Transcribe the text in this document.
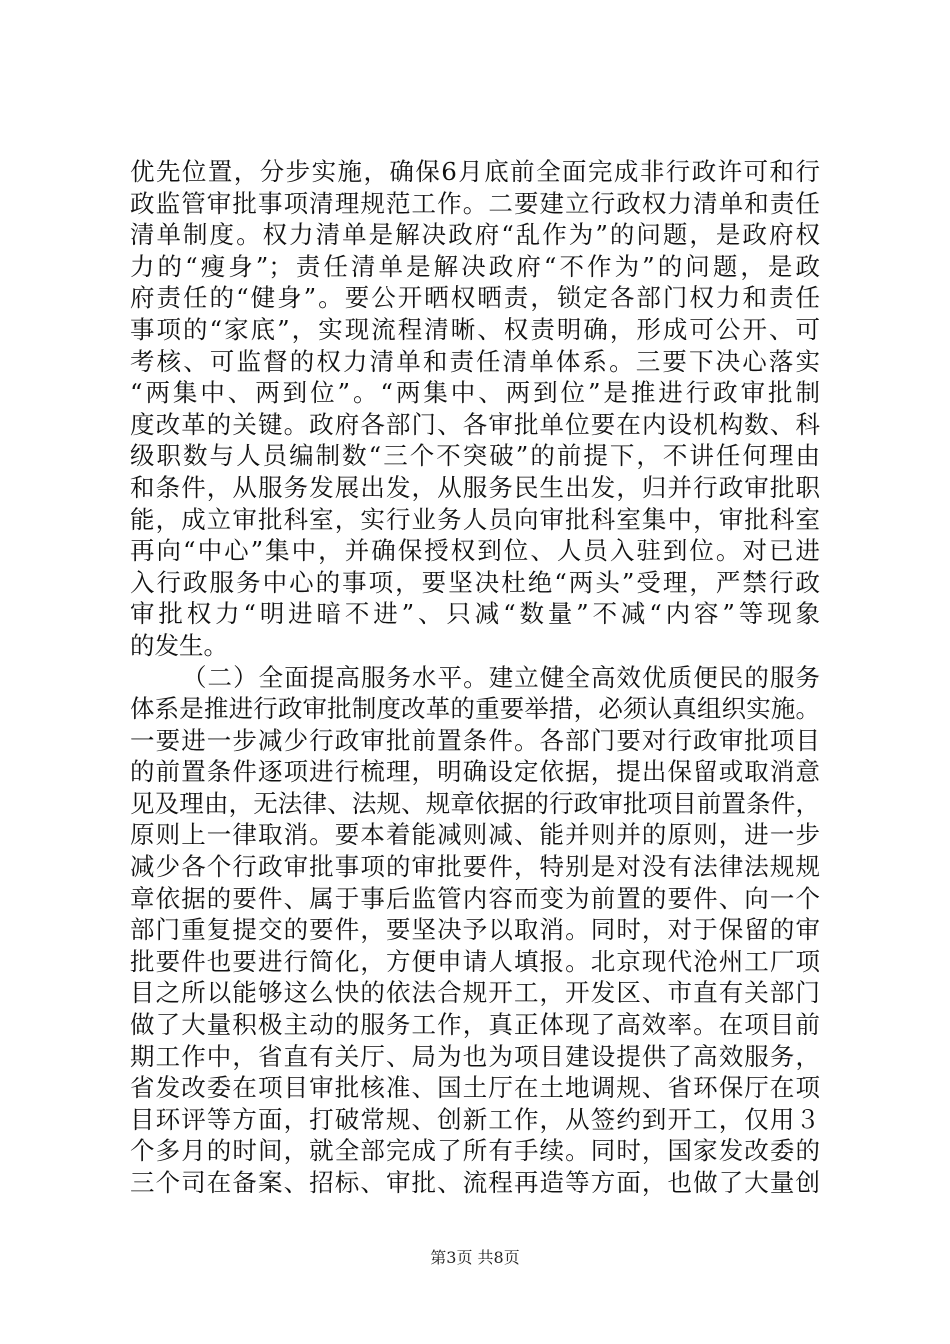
优先位置，分步实施，确保6月底前全面完成非行政许可和行
政监管审批事项清理规范工作。二要建立行政权力清单和责任
清单制度。权力清单是解决政府“乱作为”的问题，是政府权
力的“瘦身”；责任清单是解决政府“不作为”的问题，是政
府责任的“健身”。要公开晒权晒责，锁定各部门权力和责任
事项的“家底”，实现流程清晰、权责明确，形成可公开、可
考核、可监督的权力清单和责任清单体系。三要下决心落实
“两集中、两到位”。“两集中、两到位”是推进行政审批制
度改革的关键。政府各部门、各审批单位要在内设机构数、科
级职数与人员编制数“三个不突破”的前提下，不讲任何理由
和条件，从服务发展出发，从服务民生出发，归并行政审批职
能，成立审批科室，实行业务人员向审批科室集中，审批科室
再向“中心”集中，并确保授权到位、人员入驻到位。对已进
入行政服务中心的事项，要坚决杜绝“两头”受理，严禁行政
审批权力“明进暗不进”、只减“数量”不减“内容”等现象
的发生。
（二）全面提高服务水平。建立健全高效优质便民的服务
体系是推进行政审批制度改革的重要举措，必须认真组织实施。
一要进一步减少行政审批前置条件。各部门要对行政审批项目
的前置条件逐项进行梳理，明确设定依据，提出保留或取消意
见及理由，无法律、法规、规章依据的行政审批项目前置条件，
原则上一律取消。要本着能减则减、能并则并的原则，进一步
减少各个行政审批事项的审批要件，特别是对没有法律法规规
章依据的要件、属于事后监管内容而变为前置的要件、向一个
部门重复提交的要件，要坚决予以取消。同时，对于保留的审
批要件也要进行简化，方便申请人填报。北京现代沧州工厂项
目之所以能够这么快的依法合规开工，开发区、市直有关部门
做了大量积极主动的服务工作，真正体现了高效率。在项目前
期工作中，省直有关厅、局为也为项目建设提供了高效服务，
省发改委在项目审批核准、国土厅在土地调规、省环保厅在项
目环评等方面，打破常规、创新工作，从签约到开工，仅用３
个多月的时间，就全部完成了所有手续。同时，国家发改委的
三个司在备案、招标、审批、流程再造等方面，也做了大量创
第3页 共8页
